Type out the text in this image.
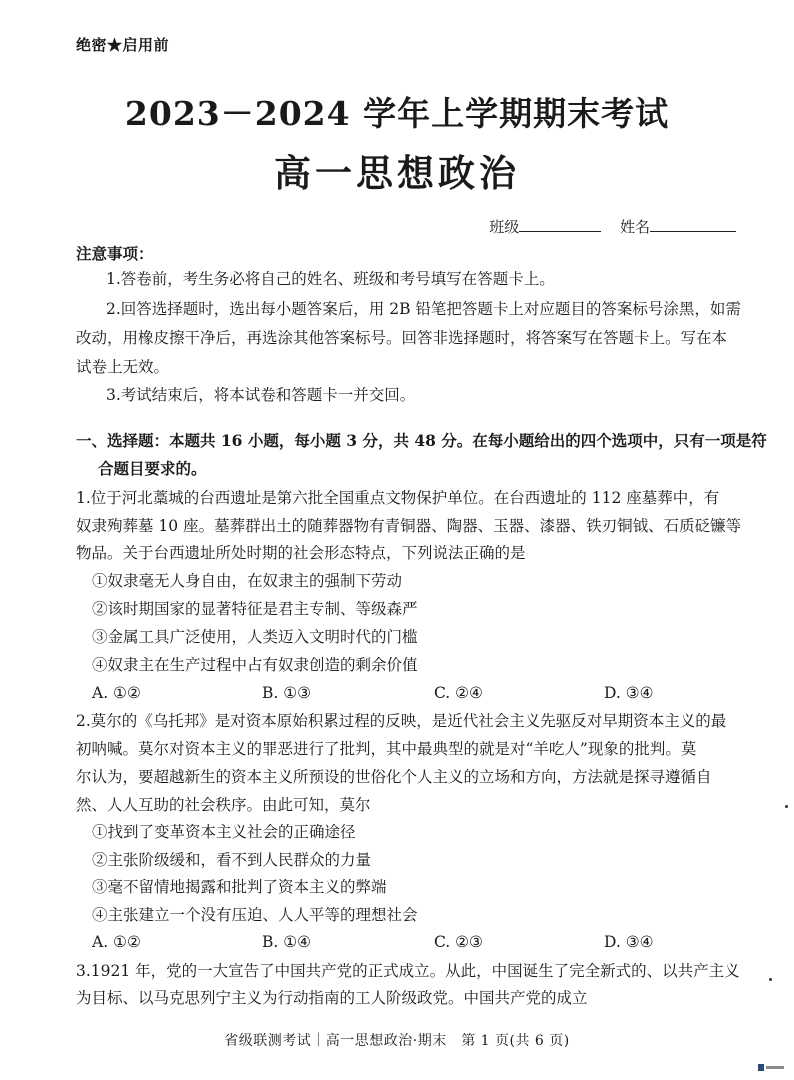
绝密★启用前
2023－2024 学年上学期期末考试
高一思想政治
班级	姓名
注意事项：
1.答卷前，考生务必将自己的姓名、班级和考号填写在答题卡上。
2.回答选择题时，选出每小题答案后，用 2B 铅笔把答题卡上对应题目的答案标号涂黑，如需
改动，用橡皮擦干净后，再选涂其他答案标号。回答非选择题时，将答案写在答题卡上。写在本
试卷上无效。
3.考试结束后，将本试卷和答题卡一并交回。
一、选择题：本题共 16 小题，每小题 3 分，共 48 分。在每小题给出的四个选项中，只有一项是符
合题目要求的。
1.位于河北藁城的台西遗址是第六批全国重点文物保护单位。在台西遗址的 112 座墓葬中，有
奴隶殉葬墓 10 座。墓葬群出土的随葬器物有青铜器、陶器、玉器、漆器、铁刃铜钺、石质砭镰等
物品。关于台西遗址所处时期的社会形态特点，下列说法正确的是
①奴隶毫无人身自由，在奴隶主的强制下劳动
②该时期国家的显著特征是君主专制、等级森严
③金属工具广泛使用，人类迈入文明时代的门槛
④奴隶主在生产过程中占有奴隶创造的剩余价值
A. ①②	B. ①③	C. ②④	D. ③④
2.莫尔的《乌托邦》是对资本原始积累过程的反映，是近代社会主义先驱反对早期资本主义的最
初呐喊。莫尔对资本主义的罪恶进行了批判，其中最典型的就是对“羊吃人”现象的批判。莫
尔认为，要超越新生的资本主义所预设的世俗化个人主义的立场和方向，方法就是探寻遵循自
然、人人互助的社会秩序。由此可知，莫尔
①找到了变革资本主义社会的正确途径
②主张阶级缓和，看不到人民群众的力量
③毫不留情地揭露和批判了资本主义的弊端
④主张建立一个没有压迫、人人平等的理想社会
A. ①②	B. ①④	C. ②③	D. ③④
3.1921 年，党的一大宣告了中国共产党的正式成立。从此，中国诞生了完全新式的、以共产主义
为目标、以马克思列宁主义为行动指南的工人阶级政党。中国共产党的成立
省级联测考试｜高一思想政治·期末　第 1 页(共 6 页)
